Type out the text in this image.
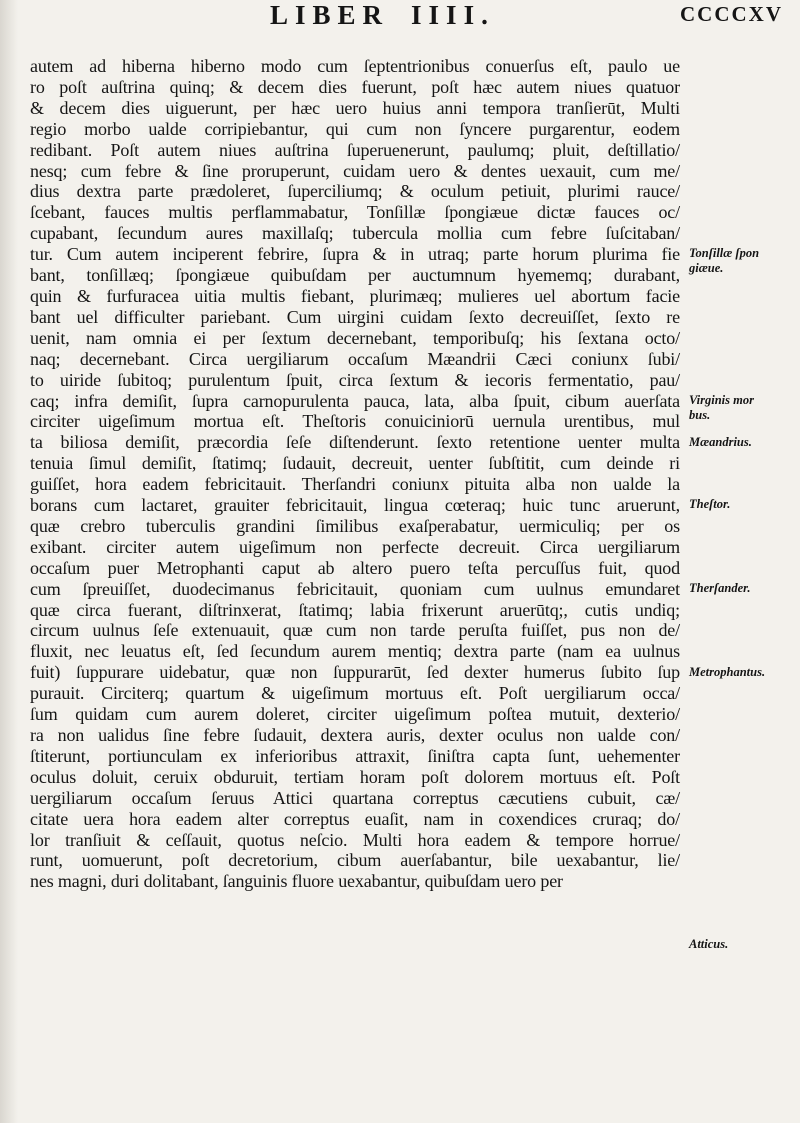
LIBER IIII.	CCCCXV
autem ad hiberna hiberno modo cum ſeptentrionibus conuerſus eſt, paulo ue
ro poſt auſtrina quinq; & decem dies fuerunt, poſt hæc autem niues quatuor
& decem dies uiguerunt, per hæc uero huius anni tempora tranſierūt, Multi
regio morbo ualde corripiebantur, qui cum non ſyncere purgarentur, eodem
redibant. Poſt autem niues auſtrina ſuperuenerunt, paulumq; pluit, deſtillatio/
nesq; cum febre & ſine proruperunt, cuidam uero & dentes uexauit, cum me/
dius dextra parte prædoleret, ſuperciliumq; & oculum petiuit, plurimi rauce/
ſcebant, fauces multis perflammabatur, Tonſillæ ſpongiæue dictæ fauces oc/
cupabant, ſecundum aures maxillaſq; tubercula mollia cum febre ſuſcitaban/
tur. Cum autem inciperent febrire, ſupra & in utraq; parte horum plurima fie
bant, tonſillæq; ſpongiæue quibuſdam per auctumnum hyememq; durabant,
quin & furfuracea uitia multis fiebant, plurimæq; mulieres uel abortum facie
bant uel difficulter pariebant. Cum uirgini cuidam ſexto decreuiſſet, ſexto re
uenit, nam omnia ei per ſextum decernebant, temporibuſq; his ſextana octo/
naq; decernebant. Circa uergiliarum occaſum Mæandrii Cæci coniunx ſubi/
to uiride ſubitoq; purulentum ſpuit, circa ſextum & iecoris fermentatio, pau/
caq; infra demiſit, ſupra carnopurulenta pauca, lata, alba ſpuit, cibum auerſata
circiter uigeſimum mortua eſt. Theſtoris conuiciniorū uernula urentibus, mul
ta biliosa demiſit, præcordia ſeſe diſtenderunt. ſexto retentione uenter multa
tenuia ſimul demiſit, ſtatimq; ſudauit, decreuit, uenter ſubſtitit, cum deinde ri
guiſſet, hora eadem febricitauit. Therſandri coniunx pituita alba non ualde la
borans cum lactaret, grauiter febricitauit, lingua cœteraq; huic tunc aruerunt,
quæ crebro tuberculis grandini ſimilibus exaſperabatur, uermiculiq; per os
exibant. circiter autem uigeſimum non perfecte decreuit. Circa uergiliarum
occaſum puer Metrophanti caput ab altero puero teſta percuſſus fuit, quod
cum ſpreuiſſet, duodecimanus febricitauit, quoniam cum uulnus emundaret
quæ circa fuerant, diſtrinxerat, ſtatimq; labia frixerunt aruerūtq;, cutis undiq;
circum uulnus ſeſe extenuauit, quæ cum non tarde peruſta fuiſſet, pus non de/
fluxit, nec leuatus eſt, ſed ſecundum aurem mentiq; dextra parte (nam ea uulnus
fuit) ſuppurare uidebatur, quæ non ſuppurarūt, ſed dexter humerus ſubito ſup
purauit. Circiterq; quartum & uigeſimum mortuus eſt. Poſt uergiliarum occa/
ſum quidam cum aurem doleret, circiter uigeſimum poſtea mutuit, dexterio/
ra non ualidus ſine febre ſudauit, dextera auris, dexter oculus non ualde con/
ſtiterunt, portiunculam ex inferioribus attraxit, ſiniſtra capta ſunt, uehementer
oculus doluit, ceruix obduruit, tertiam horam poſt dolorem mortuus eſt. Poſt
uergiliarum occaſum ſeruus Attici quartana correptus cæcutiens cubuit, cæ/
citate uera hora eadem alter correptus euaſit, nam in coxendices cruraq; do/
lor tranſiuit & ceſſauit, quotus neſcio. Multi hora eadem & tempore horrue/
runt, uomuerunt, poſt decretorium, cibum auerſabantur, bile uexabantur, lie/
nes magni, duri dolitabant, ſanguinis fluore uexabantur, quibuſdam uero per
Tonſillæ ſpon
giæue.
Virginis mor
bus.
Mæandrius.
Theſtor.
Therſander.
Metrophantus.
Atticus.
